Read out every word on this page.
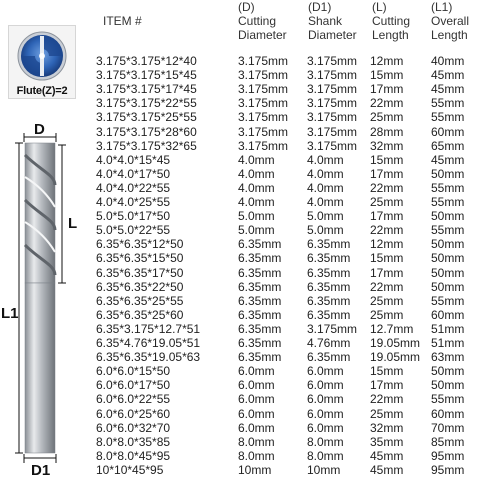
Flute(Z)=2
D
L
L1
D1

ITEM #
(D)
Cutting
Diameter
(D1)
Shank
Diameter
(L)
Cutting
Length
(L1)
Overall
Length
3.175*3.175*12*40	3.175mm 3.175mm 12mm 40mm
3.175*3.175*15*45	3.175mm 3.175mm 15mm 45mm
3.175*3.175*17*45	3.175mm 3.175mm 17mm 45mm
3.175*3.175*22*55	3.175mm 3.175mm 22mm 55mm
3.175*3.175*25*55	3.175mm 3.175mm 25mm 55mm
3.175*3.175*28*60	3.175mm 3.175mm 28mm 60mm
3.175*3.175*32*65	3.175mm 3.175mm 32mm 65mm
4.0*4.0*15*45	4.0mm	4.0mm 15mm 45mm
4.0*4.0*17*50	4.0mm	4.0mm 17mm 50mm
4.0*4.0*22*55	4.0mm	4.0mm 22mm 55mm
4.0*4.0*25*55	4.0mm	4.0mm 25mm 55mm
5.0*5.0*17*50	5.0mm	5.0mm 17mm 50mm
5.0*5.0*22*55	5.0mm	5.0mm 22mm 55mm
6.35*6.35*12*50	6.35mm 6.35mm 12mm 50mm
6.35*6.35*15*50	6.35mm 6.35mm 15mm 50mm
6.35*6.35*17*50	6.35mm 6.35mm 17mm 50mm
6.35*6.35*22*50	6.35mm 6.35mm 22mm 50mm
6.35*6.35*25*55	6.35mm 6.35mm 25mm 55mm
6.35*6.35*25*60	6.35mm 6.35mm 25mm 60mm
6.35*3.175*12.7*51	6.35mm 3.175mm 12.7mm 51mm
6.35*4.76*19.05*51	6.35mm 4.76mm 19.05mm 51mm
6.35*6.35*19.05*63	6.35mm 6.35mm 19.05mm 63mm
6.0*6.0*15*50	6.0mm	6.0mm 15mm 50mm
6.0*6.0*17*50	6.0mm	6.0mm 17mm 50mm
6.0*6.0*22*55	6.0mm	6.0mm 22mm 55mm
6.0*6.0*25*60	6.0mm	6.0mm 25mm 60mm
6.0*6.0*32*70	6.0mm	6.0mm 32mm 70mm
8.0*8.0*35*85	8.0mm	8.0mm 35mm 85mm
8.0*8.0*45*95	8.0mm	8.0mm 45mm 95mm
10*10*45*95	10mm	10mm 45mm 95mm
